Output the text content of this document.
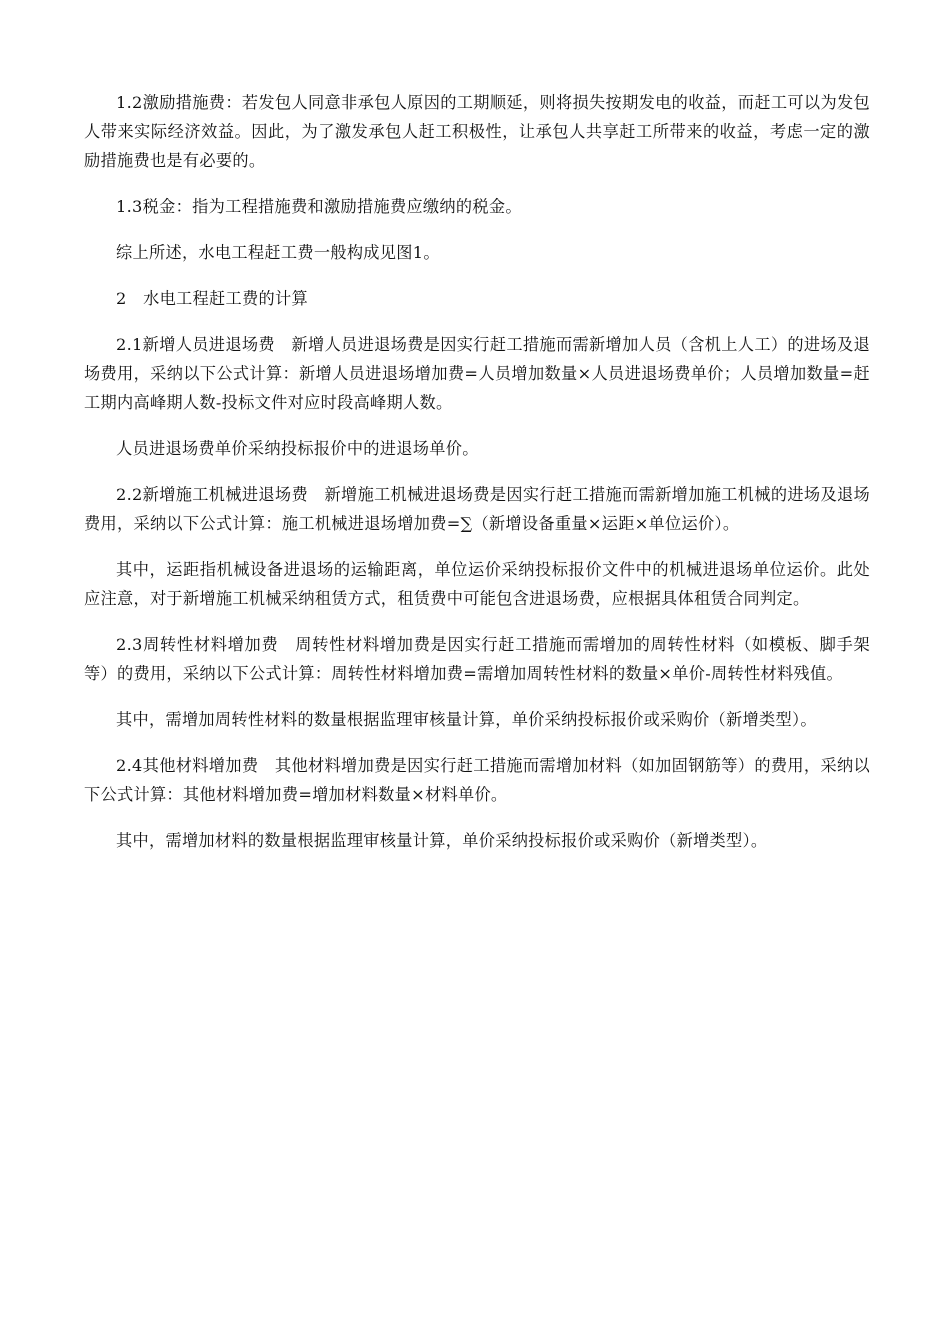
1.2激励措施费：若发包人同意非承包人原因的工期顺延，则将损失按期发电的收益，而赶工可以为发包人带来实际经济效益。因此，为了激发承包人赶工积极性，让承包人共享赶工所带来的收益，考虑一定的激励措施费也是有必要的。

1.3税金：指为工程措施费和激励措施费应缴纳的税金。

综上所述，水电工程赶工费一般构成见图1。

2　水电工程赶工费的计算

2.1新增人员进退场费　新增人员进退场费是因实行赶工措施而需新增加人员（含机上人工）的进场及退场费用，采纳以下公式计算：新增人员进退场增加费=人员增加数量×人员进退场费单价；人员增加数量=赶工期内高峰期人数-投标文件对应时段高峰期人数。

人员进退场费单价采纳投标报价中的进退场单价。

2.2新增施工机械进退场费　新增施工机械进退场费是因实行赶工措施而需新增加施工机械的进场及退场费用，采纳以下公式计算：施工机械进退场增加费=∑（新增设备重量×运距×单位运价）。

其中，运距指机械设备进退场的运输距离，单位运价采纳投标报价文件中的机械进退场单位运价。此处应注意，对于新增施工机械采纳租赁方式，租赁费中可能包含进退场费，应根据具体租赁合同判定。

2.3周转性材料增加费　周转性材料增加费是因实行赶工措施而需增加的周转性材料（如模板、脚手架等）的费用，采纳以下公式计算：周转性材料增加费=需增加周转性材料的数量×单价-周转性材料残值。

其中，需增加周转性材料的数量根据监理审核量计算，单价采纳投标报价或采购价（新增类型）。

2.4其他材料增加费　其他材料增加费是因实行赶工措施而需增加材料（如加固钢筋等）的费用，采纳以下公式计算：其他材料增加费=增加材料数量×材料单价。

其中，需增加材料的数量根据监理审核量计算，单价采纳投标报价或采购价（新增类型）。
